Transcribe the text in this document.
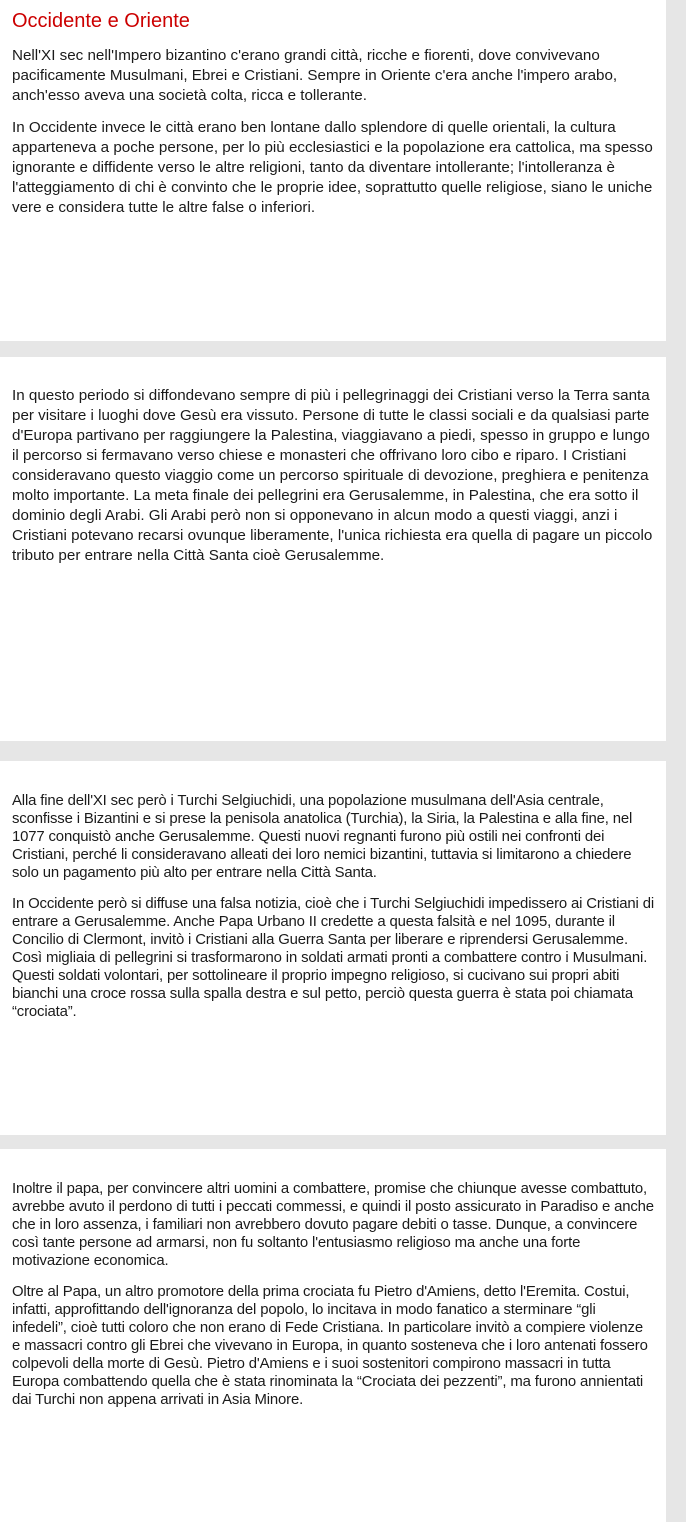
Occidente e Oriente

Nell'XI sec nell'Impero bizantino c'erano grandi città, ricche e fiorenti, dove convivevano pacificamente Musulmani, Ebrei e Cristiani. Sempre in Oriente c'era anche l'impero arabo, anch'esso aveva una società colta, ricca e tollerante.

In Occidente invece le città erano ben lontane dallo splendore di quelle orientali, la cultura apparteneva a poche persone, per lo più ecclesiastici e la popolazione era cattolica, ma spesso ignorante e diffidente verso le altre religioni, tanto da diventare intollerante; l'intolleranza è l'atteggiamento di chi è convinto che le proprie idee, soprattutto quelle religiose, siano le uniche vere e considera tutte le altre false o inferiori.

In questo periodo si diffondevano sempre di più i pellegrinaggi dei Cristiani verso la Terra santa per visitare i luoghi dove Gesù era vissuto. Persone di tutte le classi sociali e da qualsiasi parte d'Europa partivano per raggiungere la Palestina, viaggiavano a piedi, spesso in gruppo e lungo il percorso si fermavano verso chiese e monasteri che offrivano loro cibo e riparo. I Cristiani consideravano questo viaggio come un percorso spirituale di devozione, preghiera e penitenza molto importante. La meta finale dei pellegrini era Gerusalemme, in Palestina, che era sotto il dominio degli Arabi. Gli Arabi però non si opponevano in alcun modo a questi viaggi, anzi i Cristiani potevano recarsi ovunque liberamente, l'unica richiesta era quella di pagare un piccolo tributo per entrare nella Città Santa cioè Gerusalemme.

Alla fine dell'XI sec però i Turchi Selgiuchidi, una popolazione musulmana dell'Asia centrale, sconfisse i Bizantini e si prese la penisola anatolica (Turchia), la Siria, la Palestina e alla fine, nel 1077 conquistò anche Gerusalemme. Questi nuovi regnanti furono più ostili nei confronti dei Cristiani, perché li consideravano alleati dei loro nemici bizantini, tuttavia si limitarono a chiedere solo un pagamento più alto per entrare nella Città Santa.

In Occidente però si diffuse una falsa notizia, cioè che i Turchi Selgiuchidi impedissero ai Cristiani di entrare a Gerusalemme. Anche Papa Urbano II credette a questa falsità e nel 1095, durante il Concilio di Clermont, invitò i Cristiani alla Guerra Santa per liberare e riprendersi Gerusalemme. Così migliaia di pellegrini si trasformarono in soldati armati pronti a combattere contro i Musulmani. Questi soldati volontari, per sottolineare il proprio impegno religioso, si cucivano sui propri abiti bianchi una croce rossa sulla spalla destra e sul petto, perciò questa guerra è stata poi chiamata “crociata”.

Inoltre il papa, per convincere altri uomini a combattere, promise che chiunque avesse combattuto, avrebbe avuto il perdono di tutti i peccati commessi, e quindi il posto assicurato in Paradiso e anche che in loro assenza, i familiari non avrebbero dovuto pagare debiti o tasse. Dunque, a convincere così tante persone ad armarsi, non fu soltanto l'entusiasmo religioso ma anche una forte motivazione economica.

Oltre al Papa, un altro promotore della prima crociata fu Pietro d'Amiens, detto l'Eremita. Costui, infatti, approfittando dell'ignoranza del popolo, lo incitava in modo fanatico a sterminare “gli infedeli”, cioè tutti coloro che non erano di Fede Cristiana. In particolare invitò a compiere violenze e massacri contro gli Ebrei che vivevano in Europa, in quanto sosteneva che i loro antenati fossero colpevoli della morte di Gesù. Pietro d'Amiens e i suoi sostenitori compirono massacri in tutta Europa combattendo quella che è stata rinominata la “Crociata dei pezzenti”, ma furono annientati dai Turchi non appena arrivati in Asia Minore.
